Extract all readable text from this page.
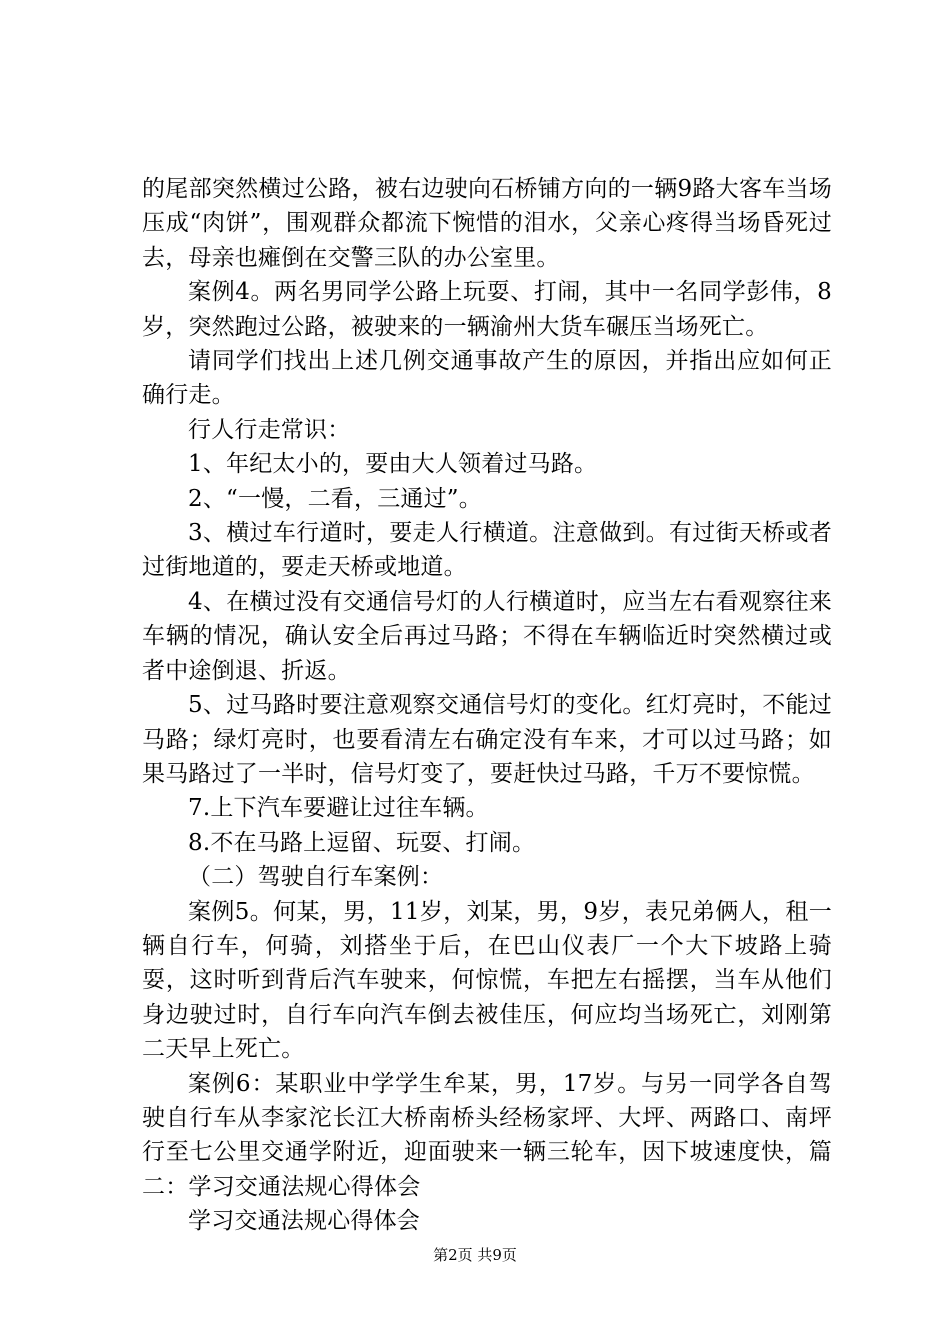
的尾部突然横过公路，被右边驶向石桥铺方向的一辆9路大客车当场压成“肉饼”，围观群众都流下惋惜的泪水，父亲心疼得当场昏死过去，母亲也瘫倒在交警三队的办公室里。

案例4。两名男同学公路上玩耍、打闹，其中一名同学彭伟，8岁，突然跑过公路，被驶来的一辆渝州大货车碾压当场死亡。

请同学们找出上述几例交通事故产生的原因，并指出应如何正确行走。

行人行走常识：

1、年纪太小的，要由大人领着过马路。

2、“一慢，二看，三通过”。

3、横过车行道时，要走人行横道。注意做到。有过街天桥或者过街地道的，要走天桥或地道。

4、在横过没有交通信号灯的人行横道时，应当左右看观察往来车辆的情况，确认安全后再过马路；不得在车辆临近时突然横过或者中途倒退、折返。

5、过马路时要注意观察交通信号灯的变化。红灯亮时，不能过马路；绿灯亮时，也要看清左右确定没有车来，才可以过马路；如果马路过了一半时，信号灯变了，要赶快过马路，千万不要惊慌。

7.上下汽车要避让过往车辆。

8.不在马路上逗留、玩耍、打闹。

（二）驾驶自行车案例：

案例5。何某，男，11岁，刘某，男，9岁，表兄弟俩人，租一辆自行车，何骑，刘搭坐于后，在巴山仪表厂一个大下坡路上骑耍，这时听到背后汽车驶来，何惊慌，车把左右摇摆，当车从他们身边驶过时，自行车向汽车倒去被佳压，何应均当场死亡，刘刚第二天早上死亡。

案例6：某职业中学学生牟某，男，17岁。与另一同学各自驾驶自行车从李家沱长江大桥南桥头经杨家坪、大坪、两路口、南坪行至七公里交通学附近，迎面驶来一辆三轮车，因下坡速度快，篇二：学习交通法规心得体会

学习交通法规心得体会

第2页 共9页
